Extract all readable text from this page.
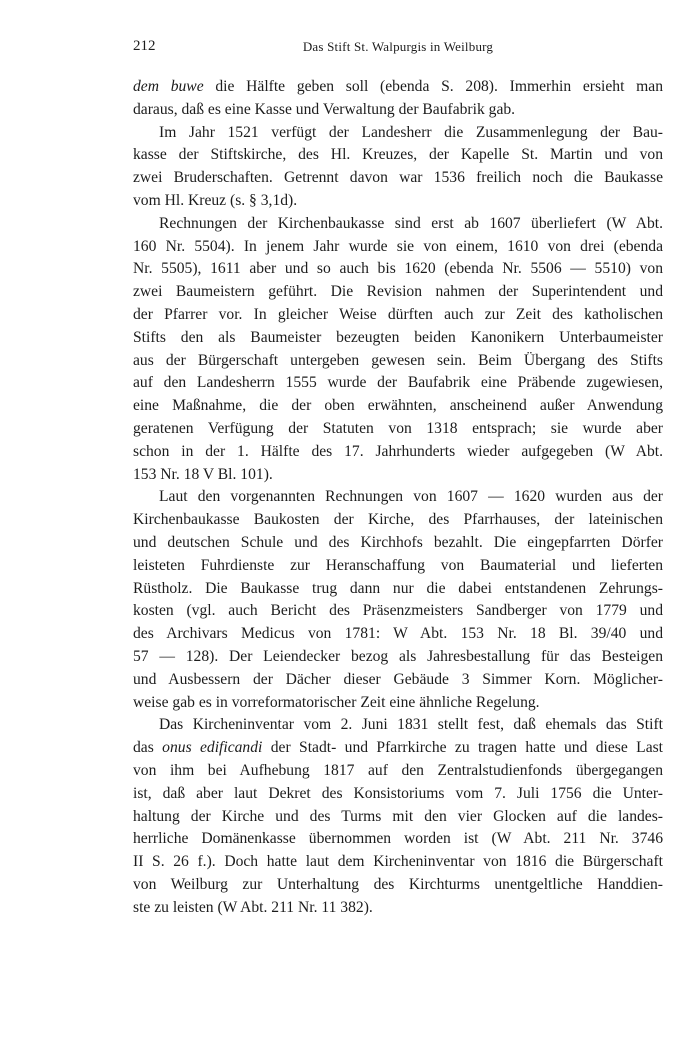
212	Das Stift St. Walpurgis in Weilburg

dem buwe die Hälfte geben soll (ebenda S. 208). Immerhin ersieht man

daraus, daß es eine Kasse und Verwaltung der Baufabrik gab.

Im Jahr 1521 verfügt der Landesherr die Zusammenlegung der Bau-

kasse der Stiftskirche, des Hl. Kreuzes, der Kapelle St. Martin und von

zwei Bruderschaften. Getrennt davon war 1536 freilich noch die Baukasse

vom Hl. Kreuz (s. § 3,1d).

Rechnungen der Kirchenbaukasse sind erst ab 1607 überliefert (W Abt.

160 Nr. 5504). In jenem Jahr wurde sie von einem, 1610 von drei (ebenda

Nr. 5505), 1611 aber und so auch bis 1620 (ebenda Nr. 5506 — 5510) von

zwei Baumeistern geführt. Die Revision nahmen der Superintendent und

der Pfarrer vor. In gleicher Weise dürften auch zur Zeit des katholischen

Stifts den als Baumeister bezeugten beiden Kanonikern Unterbaumeister

aus der Bürgerschaft untergeben gewesen sein. Beim Übergang des Stifts

auf den Landesherrn 1555 wurde der Baufabrik eine Präbende zugewiesen,

eine Maßnahme, die der oben erwähnten, anscheinend außer Anwendung

geratenen Verfügung der Statuten von 1318 entsprach; sie wurde aber

schon in der 1. Hälfte des 17. Jahrhunderts wieder aufgegeben (W Abt.

153 Nr. 18 V Bl. 101).

Laut den vorgenannten Rechnungen von 1607 — 1620 wurden aus der

Kirchenbaukasse Baukosten der Kirche, des Pfarrhauses, der lateinischen

und deutschen Schule und des Kirchhofs bezahlt. Die eingepfarrten Dörfer

leisteten Fuhrdienste zur Heranschaffung von Baumaterial und lieferten

Rüstholz. Die Baukasse trug dann nur die dabei entstandenen Zehrungs-

kosten (vgl. auch Bericht des Präsenzmeisters Sandberger von 1779 und

des Archivars Medicus von 1781: W Abt. 153 Nr. 18 Bl. 39/40 und

57 — 128). Der Leiendecker bezog als Jahresbestallung für das Besteigen

und Ausbessern der Dächer dieser Gebäude 3 Simmer Korn. Möglicher-

weise gab es in vorreformatorischer Zeit eine ähnliche Regelung.

Das Kircheninventar vom 2. Juni 1831 stellt fest, daß ehemals das Stift

das onus edificandi der Stadt- und Pfarrkirche zu tragen hatte und diese Last

von ihm bei Aufhebung 1817 auf den Zentralstudienfonds übergegangen

ist, daß aber laut Dekret des Konsistoriums vom 7. Juli 1756 die Unter-

haltung der Kirche und des Turms mit den vier Glocken auf die landes-

herrliche Domänenkasse übernommen worden ist (W Abt. 211 Nr. 3746

II S. 26 f.). Doch hatte laut dem Kircheninventar von 1816 die Bürgerschaft

von Weilburg zur Unterhaltung des Kirchturms unentgeltliche Handdien-

ste zu leisten (W Abt. 211 Nr. 11 382).
